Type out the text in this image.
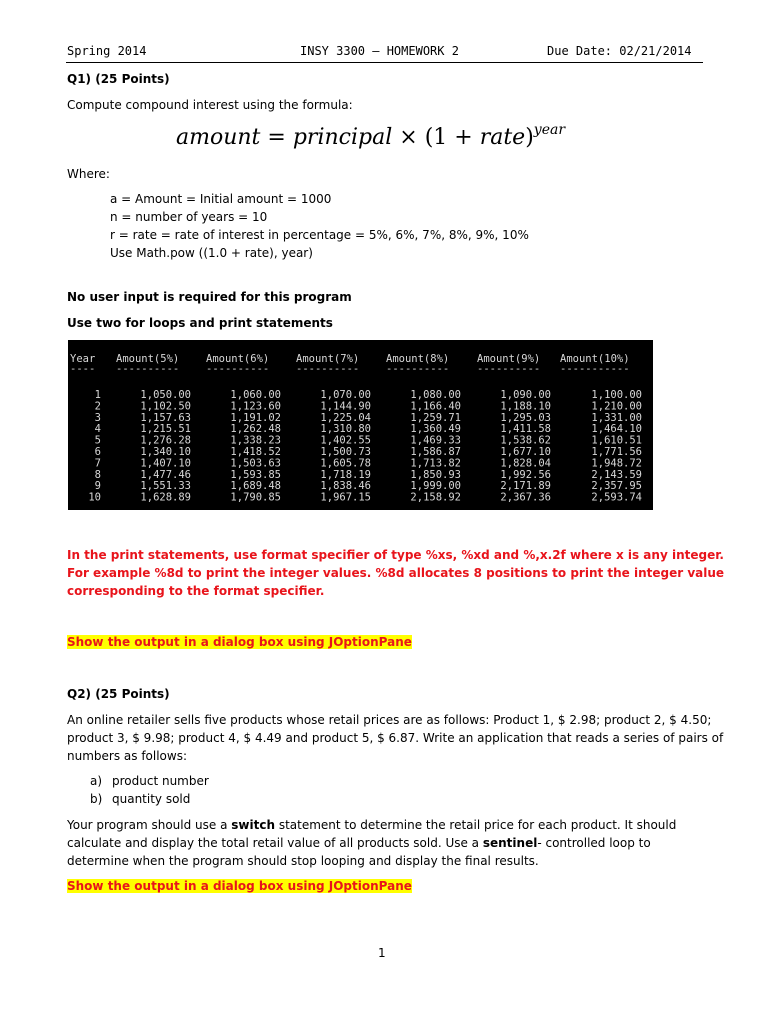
Spring 2014	INSY 3300 – HOMEWORK 2	Due Date: 02/21/2014
Q1) (25 Points)
Compute compound interest using the formula:
amount = principal × (1 + rate)$^{year}$
Where:
a = Amount = Initial amount = 1000
n = number of years = 10
r = rate = rate of interest in percentage = 5%, 6%, 7%, 8%, 9%, 10%
Use Math.pow ((1.0 + rate), year)
No user input is required for this program
Use two for loops and print statements
Year Amount(5%)	Amount(6%)	Amount(7%)	Amount(8%)	Amount(9%) Amount(10%)
---- ----------	----------	----------	----------	---------- -----------
1	1,050.00	1,060.00	1,070.00	1,080.00	1,090.00	1,100.00
2	1,102.50	1,123.60	1,144.90	1,166.40	1,188.10	1,210.00
3	1,157.63	1,191.02	1,225.04	1,259.71	1,295.03	1,331.00
4	1,215.51	1,262.48	1,310.80	1,360.49	1,411.58	1,464.10
5	1,276.28	1,338.23	1,402.55	1,469.33	1,538.62	1,610.51
6	1,340.10	1,418.52	1,500.73	1,586.87	1,677.10	1,771.56
7	1,407.10	1,503.63	1,605.78	1,713.82	1,828.04	1,948.72
8	1,477.46	1,593.85	1,718.19	1,850.93	1,992.56	2,143.59
9	1,551.33	1,689.48	1,838.46	1,999.00	2,171.89	2,357.95
10	1,628.89	1,790.85	1,967.15	2,158.92	2,367.36	2,593.74
In the print statements, use format specifier of type %xs, %xd and %,x.2f where x is any integer.
For example %8d to print the integer values. %8d allocates 8 positions to print the integer value
corresponding to the format specifier.
Show the output in a dialog box using JOptionPane
Q2) (25 Points)
An online retailer sells five products whose retail prices are as follows: Product 1, $ 2.98; product 2, $ 4.50;
product 3, $ 9.98; product 4, $ 4.49 and product 5, $ 6.87. Write an application that reads a series of pairs of
numbers as follows:
a) product number
b) quantity sold
Your program should use a switch statement to determine the retail price for each product. It should calculate and display the total retail value of all products sold. Use a sentinel- controlled loop to determine when the program should stop looping and display the final results.
Show the output in a dialog box using JOptionPane
1
